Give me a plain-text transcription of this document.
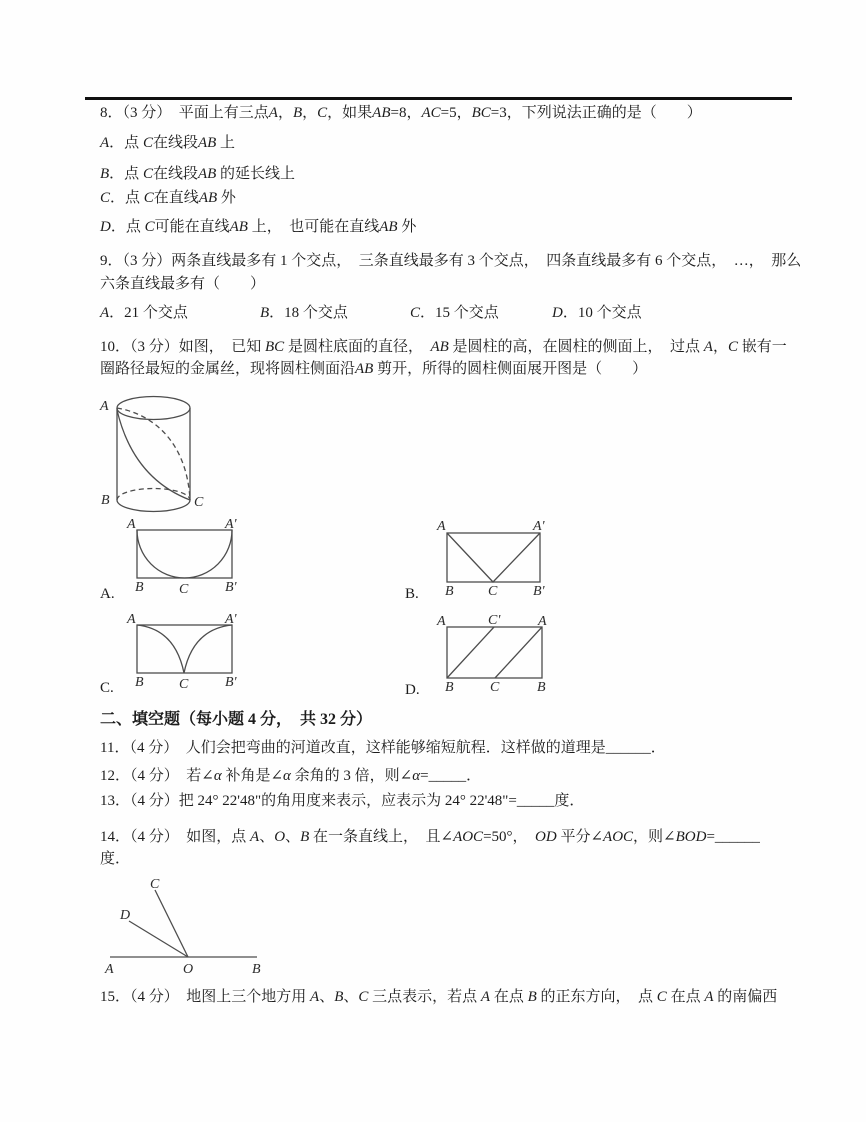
8．（3 分）　平面上有三点A，B，C，如果AB=8，AC=5，BC=3，下列说法正确的是（　　）
A．点 C在线段AB 上
B．点 C在线段AB 的延长线上
C．点 C在直线AB 外
D．点 C可能在直线AB 上，　也可能在直线AB 外
9．（3 分）两条直线最多有 1 个交点，　三条直线最多有 3 个交点，　四条直线最多有 6 个交点，　…，　那么
六条直线最多有（　　）
A．21 个交点	B．18 个交点	C．15 个交点	D．10 个交点
10．（3 分）如图，　已知 BC 是圆柱底面的直径，　AB 是圆柱的高，在圆柱的侧面上，　过点 A，C 嵌有一
圈路径最短的金属丝，现将圆柱侧面沿AB 剪开，所得的圆柱侧面展开图是（　　）
A
B	C
A	A'
B	C	B'
A.
A	A'
B C	B'
B.
A	A'
B	C	B'
C.
A	C'	A
B	C	B
D.
二、填空题（每小题 4 分，　共 32 分）
11．（4 分）　人们会把弯曲的河道改直，这样能够缩短航程．这样做的道理是______．
12．（4 分）　若∠α 补角是∠α 余角的 3 倍，则∠α=_____．
13．（4 分）把 24° 22'48"的角用度来表示，应表示为 24° 22'48"=_____度．
14．（4 分）　如图，点 A、O、B 在一条直线上，　且∠AOC=50°，　OD 平分∠AOC，则∠BOD=______
度．
C
D
A	O	B
15．（4 分）　地图上三个地方用 A、B、C 三点表示，若点 A 在点 B 的正东方向，　点 C 在点 A 的南偏西
